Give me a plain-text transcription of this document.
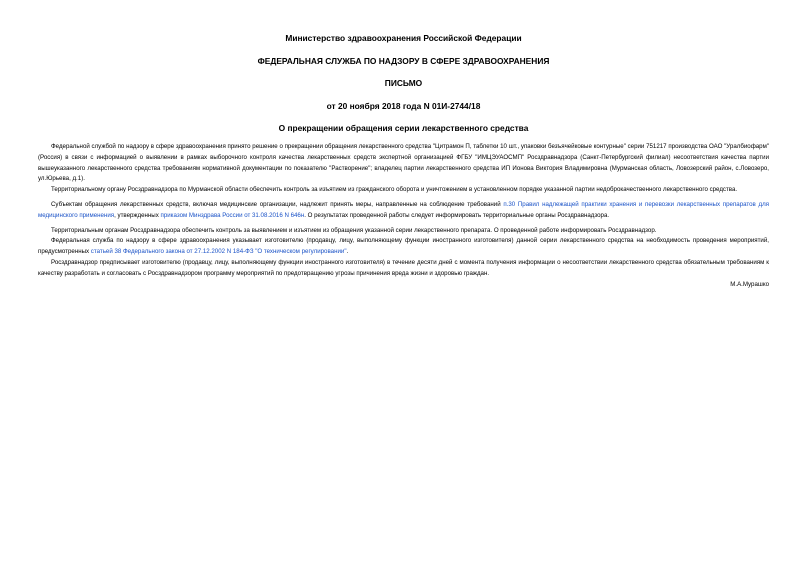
Министерство здравоохранения Российской Федерации

ФЕДЕРАЛЬНАЯ СЛУЖБА ПО НАДЗОРУ В СФЕРЕ ЗДРАВООХРАНЕНИЯ

ПИСЬМО

от 20 ноября 2018 года N 01И-2744/18

О прекращении обращения серии лекарственного средства

Федеральной службой по надзору в сфере здравоохранения принято решение о прекращении обращения лекарственного средства "Цитрамон П, таблетки 10 шт., упаковки безъячейковые контурные" серии 751217 производства ОАО "Уралбиофарм" (Россия) в связи с информацией о выявлении в рамках выборочного контроля качества лекарственных средств экспертной организацией ФГБУ "ИМЦЭУАОСМП" Росздравнадзора (Санкт-Петербургский филиал) несоответствия качества партии вышеуказанного лекарственного средства требованиям нормативной документации по показателю "Растворение"; владелец партии лекарственного средства ИП Ионова Виктория Владимировна (Мурманская область, Ловозерский район, с.Ловозеро, ул.Юрьева, д.1).

Территориальному органу Росздравнадзора по Мурманской области обеспечить контроль за изъятием из гражданского оборота и уничтожением в установленном порядке указанной партии недоброкачественного лекарственного средства.

Субъектам обращения лекарственных средств, включая медицинские организации, надлежит принять меры, направленные на соблюдение требований п.30 Правил надлежащей практики хранения и перевозки лекарственных препаратов для медицинского применения, утвержденных приказом Минздрава России от 31.08.2016 N 646н. О результатах проведенной работы следует информировать территориальные органы Росздравнадзора.

Территориальным органам Росздравнадзора обеспечить контроль за выявлением и изъятием из обращения указанной серии лекарственного препарата. О проведенной работе информировать Росздравнадзор.

Федеральная служба по надзору в сфере здравоохранения указывает изготовителю (продавцу, лицу, выполняющему функции иностранного изготовителя) данной серии лекарственного средства на необходимость проведения мероприятий, предусмотренных статьей 38 Федерального закона от 27.12.2002 N 184-ФЗ "О техническом регулировании".

Росздравнадзор предписывает изготовителю (продавцу, лицу, выполняющему функции иностранного изготовителя) в течение десяти дней с момента получения информации о несоответствии лекарственного средства обязательным требованиям к качеству разработать и согласовать с Росздравнадзором программу мероприятий по предотвращению угрозы причинения вреда жизни и здоровью граждан.

М.А.Мурашко
